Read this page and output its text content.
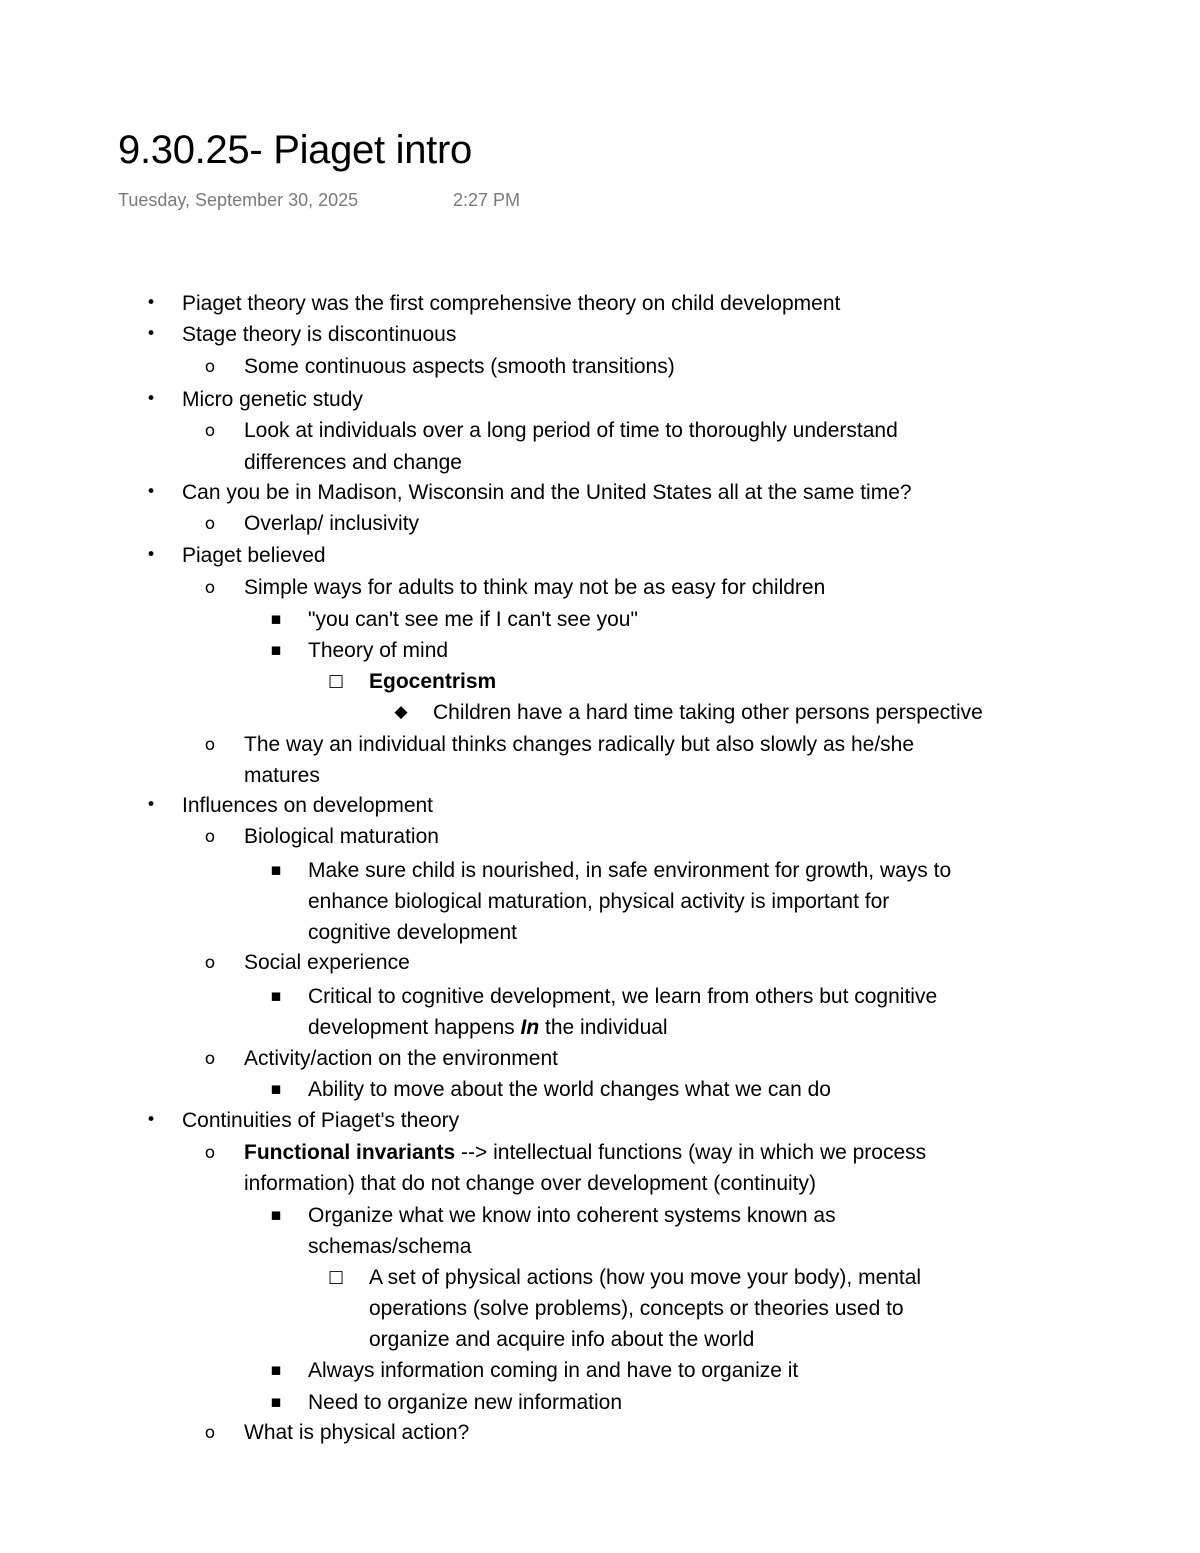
9.30.25- Piaget intro
Tuesday, September 30, 2025	2:27 PM
• Piaget theory was the first comprehensive theory on child development
• Stage theory is discontinuous
o Some continuous aspects (smooth transitions)
• Micro genetic study
o Look at individuals over a long period of time to thoroughly understand
differences and change
• Can you be in Madison, Wisconsin and the United States all at the same time?
o Overlap/ inclusivity
• Piaget believed
o Simple ways for adults to think may not be as easy for children
▪ "you can't see me if I can't see you"
▪ Theory of mind
□ Egocentrism
◆ Children have a hard time taking other persons perspective
o The way an individual thinks changes radically but also slowly as he/she
matures
• Influences on development
o Biological maturation
▪ Make sure child is nourished, in safe environment for growth, ways to
enhance biological maturation, physical activity is important for
cognitive development
o Social experience
▪ Critical to cognitive development, we learn from others but cognitive
development happens In the individual
o Activity/action on the environment
▪ Ability to move about the world changes what we can do
• Continuities of Piaget's theory
o Functional invariants --> intellectual functions (way in which we process
information) that do not change over development (continuity)
▪ Organize what we know into coherent systems known as
schemas/schema
□ A set of physical actions (how you move your body), mental
operations (solve problems), concepts or theories used to
organize and acquire info about the world
▪ Always information coming in and have to organize it
▪ Need to organize new information
o What is physical action?
